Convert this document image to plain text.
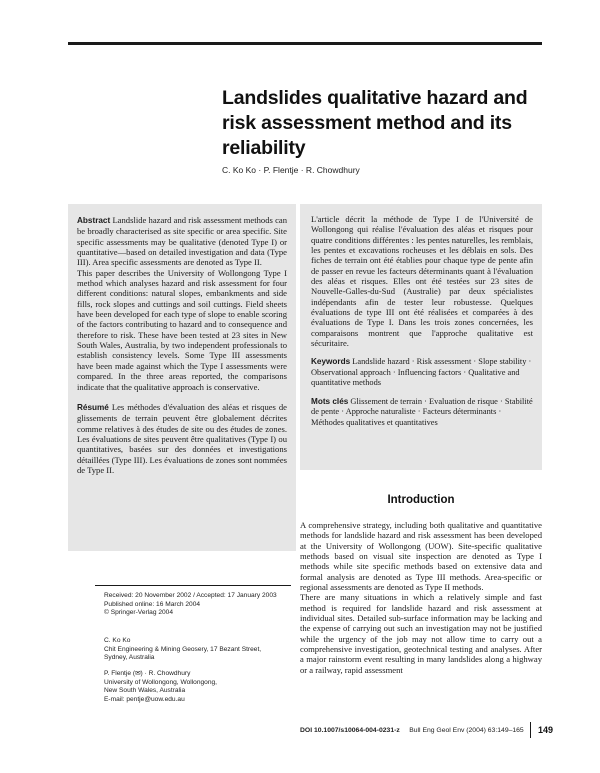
Landslides qualitative hazard and risk assessment method and its reliability
C. Ko Ko · P. Flentje · R. Chowdhury

Abstract Landslide hazard and risk assessment methods can be broadly characterised as site specific or area specific. Site specific assessments may be qualitative (denoted Type I) or quantitative—based on detailed investigation and data (Type III). Area specific assessments are denoted as Type II.

This paper describes the University of Wollongong Type I method which analyses hazard and risk assessment for four different conditions: natural slopes, embankments and side fills, rock slopes and cuttings and soil cuttings. Field sheets have been developed for each type of slope to enable scoring of the factors contributing to hazard and to consequence and therefore to risk. These have been tested at 23 sites in New South Wales, Australia, by two independent professionals to establish consistency levels. Some Type III assessments have been made against which the Type I assessments were compared. In the three areas reported, the comparisons indicate that the qualitative approach is conservative.

Résumé Les méthodes d'évaluation des aléas et risques de glissements de terrain peuvent être globalement décrites comme relatives à des études de site ou des études de zones. Les évaluations de sites peuvent être qualitatives (Type I) ou quantitatives, basées sur des données et investigations détaillées (Type III). Les évaluations de zones sont nommées de Type II.

L'article décrit la méthode de Type I de l'Université de Wollongong qui réalise l'évaluation des aléas et risques pour quatre conditions différentes : les pentes naturelles, les remblais, les pentes et excavations rocheuses et les déblais en sols. Des fiches de terrain ont été établies pour chaque type de pente afin de passer en revue les facteurs déterminants quant à l'évaluation des aléas et risques. Elles ont été testées sur 23 sites de Nouvelle-Galles-du-Sud (Australie) par deux spécialistes indépendants afin de tester leur robustesse. Quelques évaluations de type III ont été réalisées et comparées à des évaluations de Type I. Dans les trois zones concernées, les comparaisons montrent que l'approche qualitative est sécuritaire.

Keywords Landslide hazard · Risk assessment · Slope stability · Observational approach · Influencing factors · Qualitative and quantitative methods

Mots clés Glissement de terrain · Evaluation de risque · Stabilité de pente · Approche naturaliste · Facteurs déterminants · Méthodes qualitatives et quantitatives

Introduction

A comprehensive strategy, including both qualitative and quantitative methods for landslide hazard and risk assessment has been developed at the University of Wollongong (UOW). Site-specific qualitative methods based on visual site inspection are denoted as Type I methods while site specific methods based on extensive data and formal analysis are denoted as Type III methods. Area-specific or regional assessments are denoted as Type II methods.

There are many situations in which a relatively simple and fast method is required for landslide hazard and risk assessment at individual sites. Detailed sub-surface information may be lacking and the expense of carrying out such an investigation may not be justified while the urgency of the job may not allow time to carry out a comprehensive investigation, geotechnical testing and analyses. After a major rainstorm event resulting in many landslides along a highway or a railway, rapid assessment

Received: 20 November 2002 / Accepted: 17 January 2003

Published online: 16 March 2004

© Springer-Verlag 2004

C. Ko Ko

Chit Engineering & Mining Geosery, 17 Bezant Street,

Sydney, Australia

P. Flentje (✉) · R. Chowdhury

University of Wollongong, Wollongong,

New South Wales, Australia

E-mail: pentje@uow.edu.au

DOI 10.1007/s10064-004-0231-z Bull Eng Geol Env (2004) 63:149–165	149
